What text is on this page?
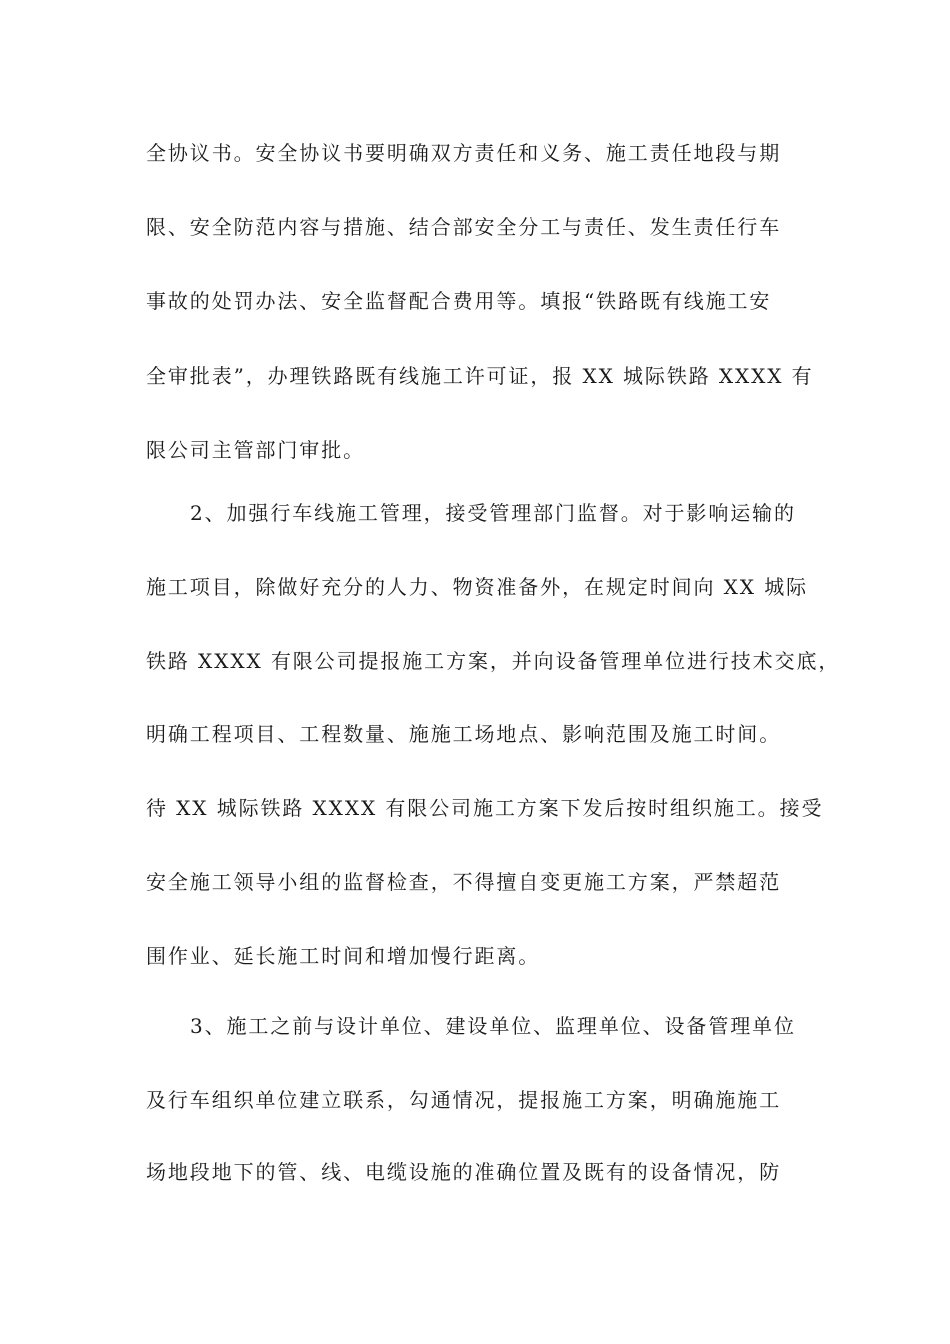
全协议书。安全协议书要明确双方责任和义务、施工责任地段与期
限、安全防范内容与措施、结合部安全分工与责任、发生责任行车
事故的处罚办法、安全监督配合费用等。填报“铁路既有线施工安
全审批表”，办理铁路既有线施工许可证，报 XX 城际铁路 XXXX 有
限公司主管部门审批。
2、加强行车线施工管理，接受管理部门监督。对于影响运输的
施工项目，除做好充分的人力、物资准备外，在规定时间向 XX 城际
铁路 XXXX 有限公司提报施工方案，并向设备管理单位进行技术交底，
明确工程项目、工程数量、施施工场地点、影响范围及施工时间。
待 XX 城际铁路 XXXX 有限公司施工方案下发后按时组织施工。接受
安全施工领导小组的监督检查，不得擅自变更施工方案，严禁超范
围作业、延长施工时间和增加慢行距离。
3、施工之前与设计单位、建设单位、监理单位、设备管理单位
及行车组织单位建立联系，勾通情况，提报施工方案，明确施施工
场地段地下的管、线、电缆设施的准确位置及既有的设备情况，防
